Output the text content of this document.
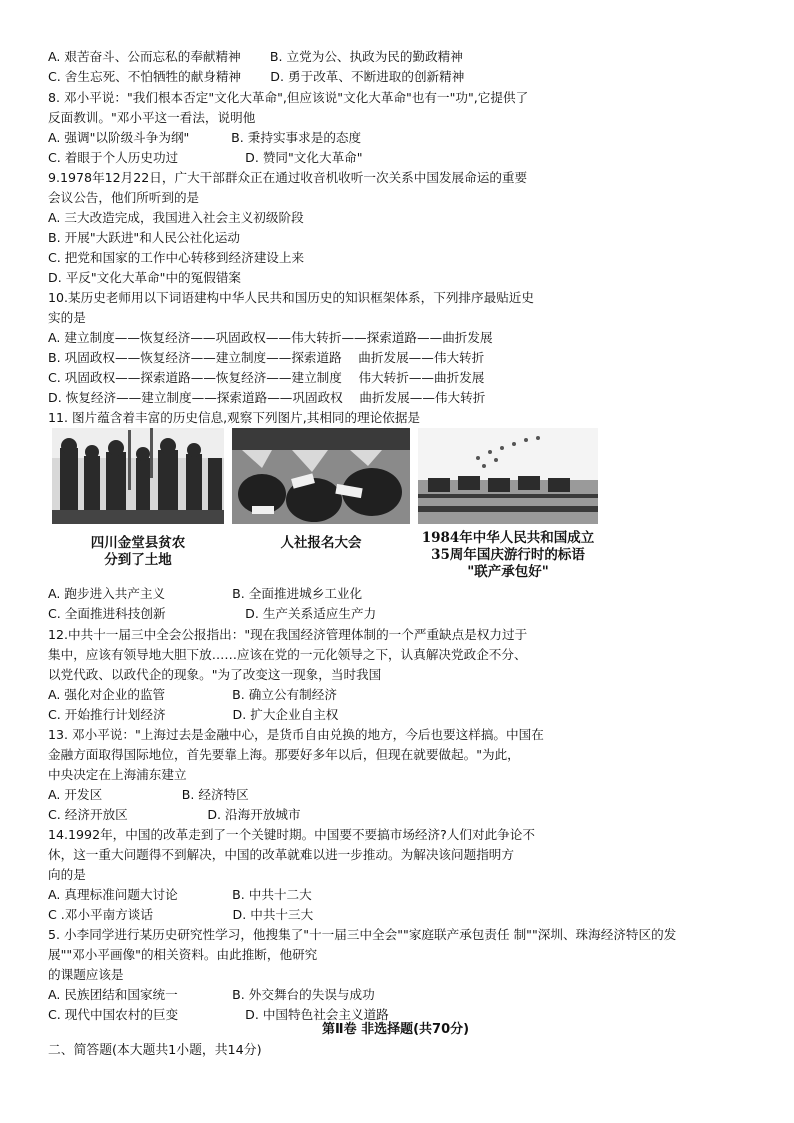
A. 艰苦奋斗、公而忘私的奉献精神　　 B. 立党为公、执政为民的勤政精神
C. 舍生忘死、不怕牺牲的献身精神　　 D. 勇于改革、不断进取的创新精神
8. 邓小平说："我们根本否定"文化大革命",但应该说"文化大革命"也有一"功",它提供了
反面教训。"邓小平这一看法，说明他
A. 强调"以阶级斗争为纲"　　　 B. 秉持实事求是的态度
C. 着眼于个人历史功过　　　　　 D. 赞同"文化大革命"
9.1978年12月22日，广大干部群众正在通过收音机收听一次关系中国发展命运的重要
会议公告，他们所听到的是
A. 三大改造完成，我国进入社会主义初级阶段
B. 开展"大跃进"和人民公社化运动
C. 把党和国家的工作中心转移到经济建设上来
D. 平反"文化大革命"中的冤假错案
10.某历史老师用以下词语建构中华人民共和国历史的知识框架体系，下列排序最贴近史
实的是
A. 建立制度——恢复经济——巩固政权——伟大转折——探索道路——曲折发展
B. 巩固政权——恢复经济——建立制度——探索道路　 曲折发展——伟大转折
C. 巩固政权——探索道路——恢复经济——建立制度　 伟大转折——曲折发展
D. 恢复经济——建立制度——探索道路——巩固政权　 曲折发展——伟大转折
11. 图片蕴含着丰富的历史信息,观察下列图片,其相同的理论依据是
A. 跑步进入共产主义　　　　　 B. 全面推进城乡工业化
C. 全面推进科技创新　　　　　　 D. 生产关系适应生产力
12.中共十一届三中全会公报指出："现在我国经济管理体制的一个严重缺点是权力过于
集中，应该有领导地大胆下放……应该在党的一元化领导之下，认真解决党政企不分、
以党代政、以政代企的现象。"为了改变这一现象，当时我国
A. 强化对企业的监管　　　　　 B. 确立公有制经济
C. 开始推行计划经济　　　　　 D. 扩大企业自主权
13. 邓小平说："上海过去是金融中心，是货币自由兑换的地方，今后也要这样搞。中国在
金融方面取得国际地位，首先要靠上海。那要好多年以后，但现在就要做起。"为此，
中央决定在上海浦东建立
A. 开发区　　　　　　 B. 经济特区
C. 经济开放区　　　　　　 D. 沿海开放城市
14.1992年，中国的改革走到了一个关键时期。中国要不要搞市场经济?人们对此争论不
休，这一重大问题得不到解决，中国的改革就难以进一步推动。为解决该问题指明方
向的是
A. 真理标准问题大讨论　　　　 B. 中共十二大
C .邓小平南方谈话　　　　　　 D. 中共十三大
5. 小李同学进行某历史研究性学习，他搜集了"十一届三中全会""家庭联产承包责任 制""深圳、珠海经济特区的发
展""邓小平画像"的相关资料。由此推断，他研究
的课题应该是
A. 民族团结和国家统一　　　　 B. 外交舞台的失误与成功
C. 现代中国农村的巨变　　　　　 D. 中国特色社会主义道路
四川金堂县贫农
分到了土地
人社报名大会	1984年中华人民共和国成立
35周年国庆游行时的标语
"联产承包好"
第Ⅱ卷 非选择题(共70分)
二、简答题(本大题共1小题，共14分)
